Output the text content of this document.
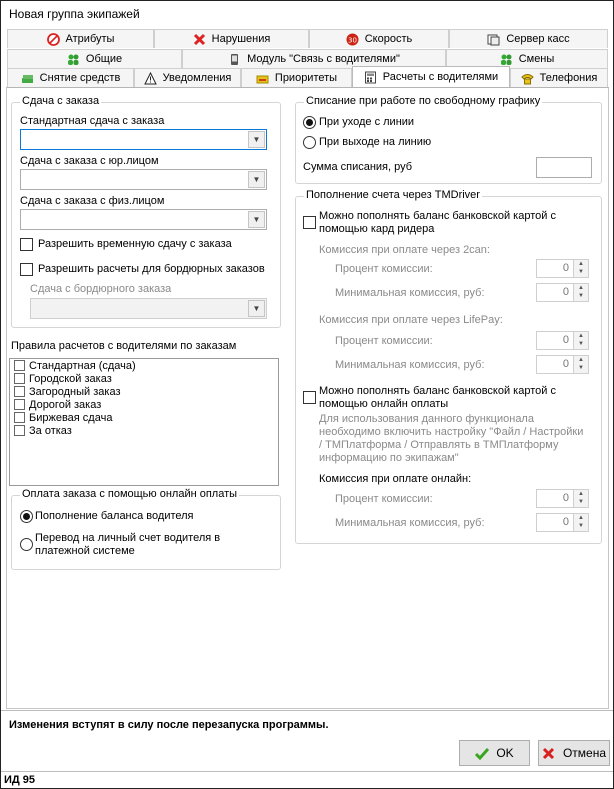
Новая группа экипажей
Атрибуты	Нарушения	30 Скорость	Сервер касс
Общие	Модуль "Связь с водителями"	Смены
Снятие средств	Уведомления	Приоритеты	Расчеты с водителями	Телефония
Сдача с заказа
Стандартная сдача с заказа
▼
Сдача с заказа с юр.лицом
▼
Сдача с заказа с физ.лицом
▼
Разрешить временную сдачу с заказа
Разрешить расчеты для бордюрных заказов
Сдача с бордюрного заказа
▼
Правила расчетов с водителями по заказам
Стандартная (сдача)
Городской заказ
Загородный заказ
Дорогой заказ
Биржевая сдача
За отказ
Оплата заказа с помощью онлайн оплаты
Пополнение баланса водителя
Перевод на личный счет водителя в
платежной системе
Списание при работе по свободному графику
При уходе с линии
При выходе на линию
Сумма списания, руб
Пополнение счета через TMDriver
Можно пополнять баланс банковской картой с
помощью кард ридера
Комиссия при оплате через 2can:
Процент комиссии:	0	▲
▼
Минимальная комиссия, руб:	0	▲
▼
Комиссия при оплате через LifePay:
Процент комиссии:	0	▲
▼
Минимальная комиссия, руб:	0	▲
▼
Можно пополнять баланс банковской картой с
помощью онлайн оплаты
Для использования данного функционала
необходимо включить настройку "Файл / Настройки
/ ТМПлатформа / Отправлять в ТМПлатформу
информацию по экипажам"
Комиссия при оплате онлайн:
Процент комиссии:	0	▲
▼
Минимальная комиссия, руб:	0	▲
▼
Изменения вступят в силу после перезапуска программы.
OK	Отмена
ИД 95
